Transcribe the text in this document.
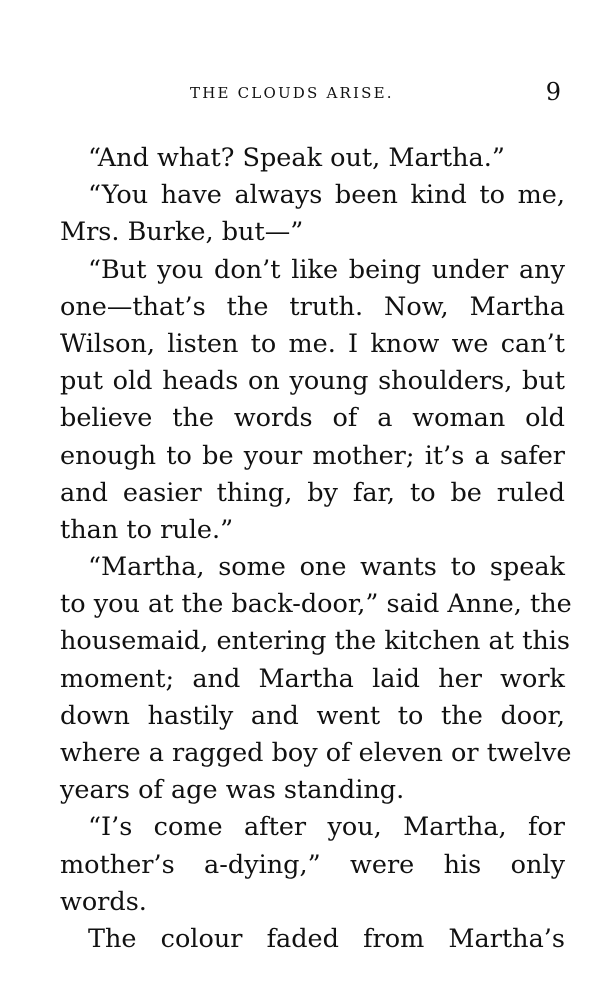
THE CLOUDS ARISE.	9
“And what? Speak out, Martha.”
“You have always been kind to me,
Mrs. Burke, but—”
“But you don’t like being under any
one—that’s the truth. Now, Martha
Wilson, listen to me. I know we can’t
put old heads on young shoulders, but
believe the words of a woman old
enough to be your mother; it’s a safer
and easier thing, by far, to be ruled
than to rule.”
“Martha, some one wants to speak
to you at the back-door,” said Anne, the
housemaid, entering the kitchen at this
moment; and Martha laid her work
down hastily and went to the door,
where a ragged boy of eleven or twelve
years of age was standing.
“I’s come after you, Martha, for
mother’s a-dying,” were his only
words.
The colour faded from Martha’s
